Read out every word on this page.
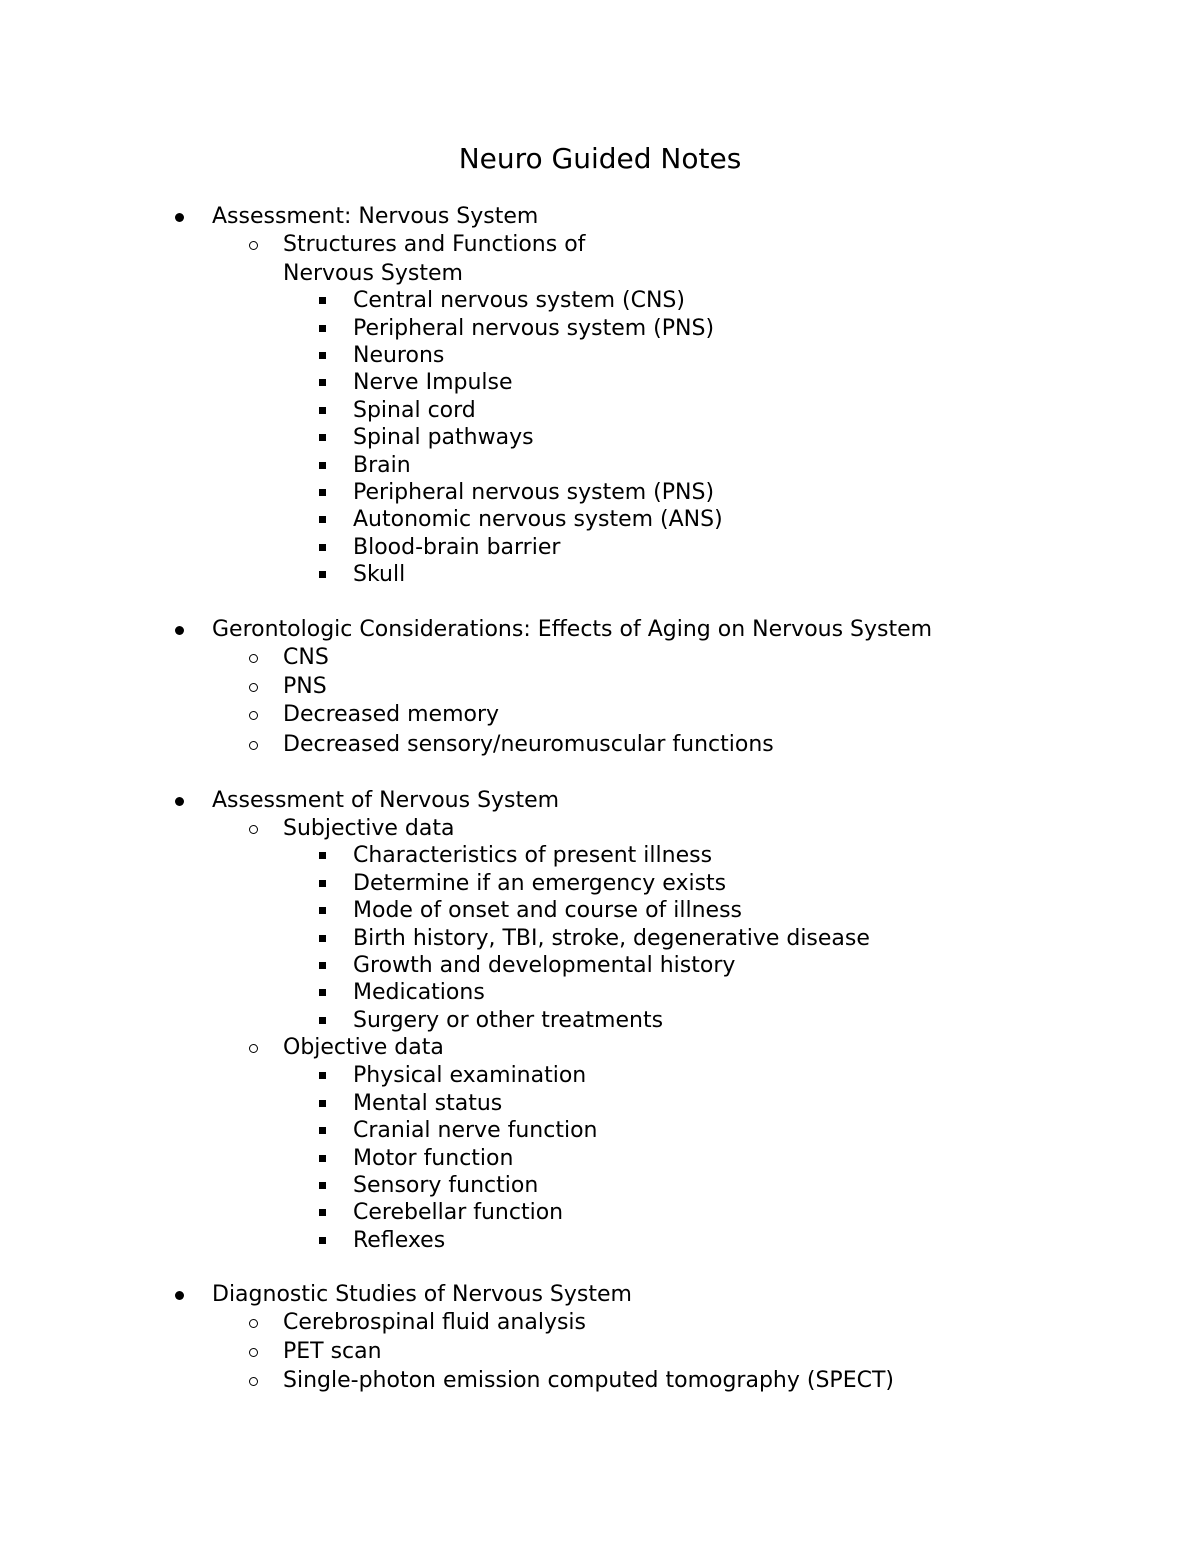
Neuro Guided Notes
Assessment: Nervous System
Structures and Functions of
Nervous System
Central nervous system (CNS)
Peripheral nervous system (PNS)
Neurons
Nerve Impulse
Spinal cord
Spinal pathways
Brain
Peripheral nervous system (PNS)
Autonomic nervous system (ANS)
Blood-brain barrier
Skull
Gerontologic Considerations: Effects of Aging on Nervous System
CNS
PNS
Decreased memory
Decreased sensory/neuromuscular functions
Assessment of Nervous System
Subjective data
Characteristics of present illness
Determine if an emergency exists
Mode of onset and course of illness
Birth history, TBI, stroke, degenerative disease
Growth and developmental history
Medications
Surgery or other treatments
Objective data
Physical examination
Mental status
Cranial nerve function
Motor function
Sensory function
Cerebellar function
Reflexes
Diagnostic Studies of Nervous System
Cerebrospinal fluid analysis
PET scan
Single-photon emission computed tomography (SPECT)
